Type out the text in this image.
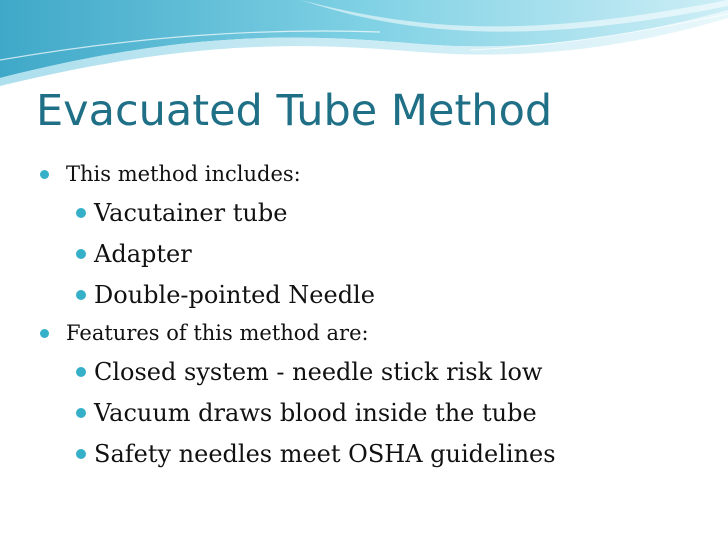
Evacuated Tube Method
This method includes:
Vacutainer tube
Adapter
Double-pointed Needle
Features of this method are:
Closed system - needle stick risk low
Vacuum draws blood inside the tube
Safety needles meet OSHA guidelines
